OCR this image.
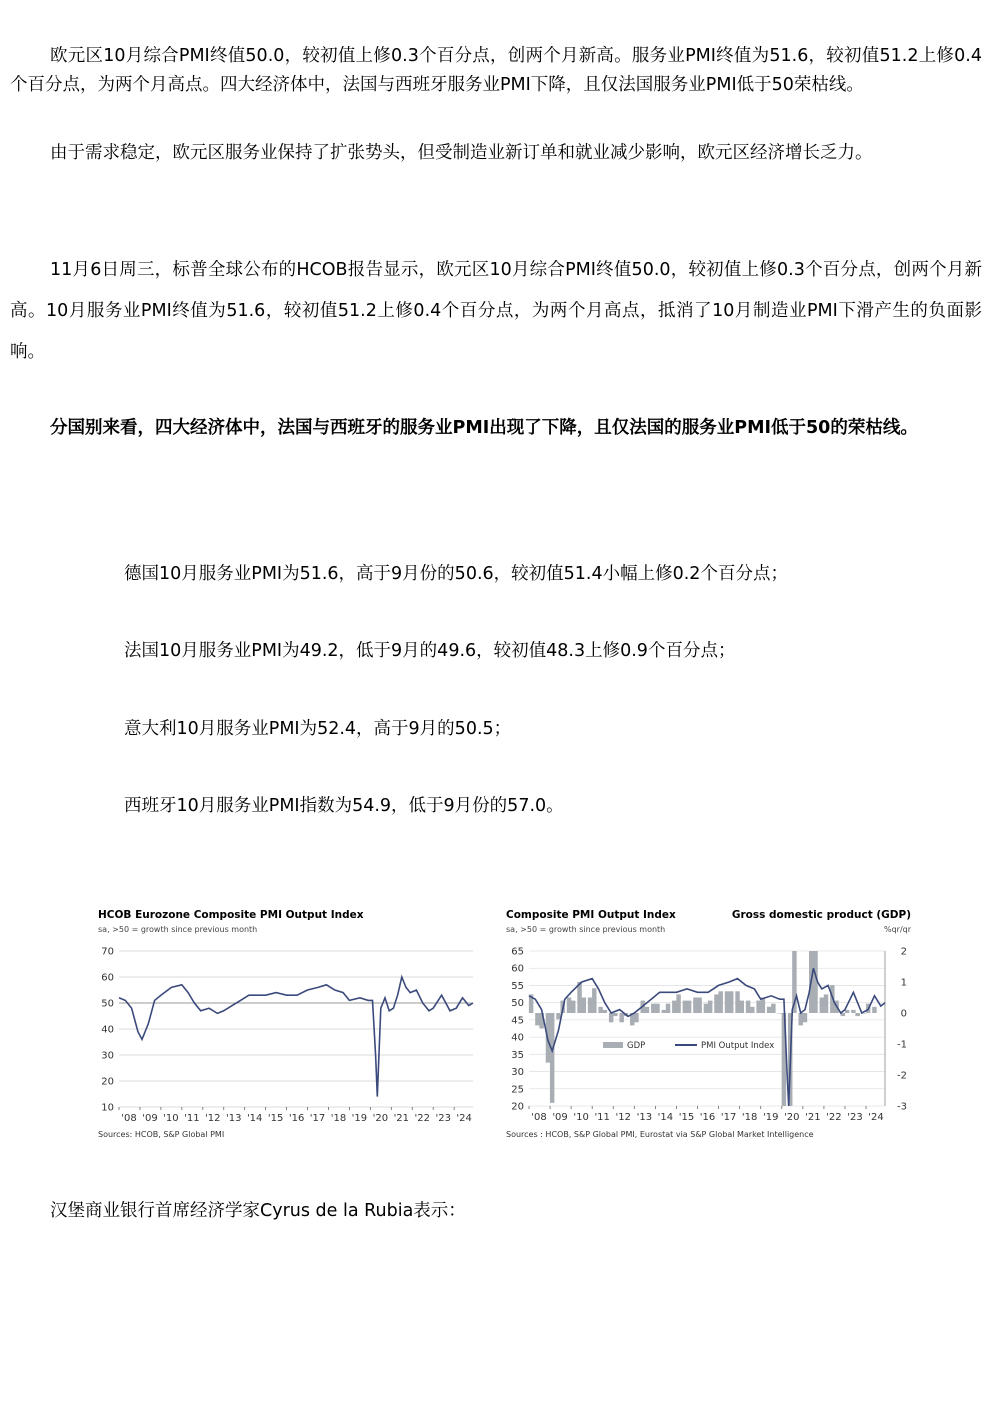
欧元区10月综合PMI终值50.0，较初值上修0.3个百分点，创两个月新高。服务业PMI终值为51.6，较初值51.2上修0.4个百分点，为两个月高点。四大经济体中，法国与西班牙服务业PMI下降，且仅法国服务业PMI低于50荣枯线。

由于需求稳定，欧元区服务业保持了扩张势头，但受制造业新订单和就业减少影响，欧元区经济增长乏力。

11月6日周三，标普全球公布的HCOB报告显示，欧元区10月综合PMI终值50.0，较初值上修0.3个百分点，创两个月新高。10月服务业PMI终值为51.6，较初值51.2上修0.4个百分点，为两个月高点，抵消了10月制造业PMI下滑产生的负面影响。

分国别来看，四大经济体中，法国与西班牙的服务业PMI出现了下降，且仅法国的服务业PMI低于50的荣枯线。

德国10月服务业PMI为51.6，高于9月份的50.6，较初值51.4小幅上修0.2个百分点；

法国10月服务业PMI为49.2，低于9月的49.6，较初值48.3上修0.9个百分点；

意大利10月服务业PMI为52.4，高于9月的50.5；

西班牙10月服务业PMI指数为54.9，低于9月份的57.0。

HCOB Eurozone Composite PMI Output Index
sa, >50 = growth since previous month
10
20
30
40
50
60
70
'08 '09 '10 '11 '12 '13 '14 '15 '16 '17 '18 '19 '20 '21 '22 '23 '24
Sources: HCOB, S&P Global PMI
Composite PMI Output Index	Gross domestic product (GDP)
sa, >50 = growth since previous month	%qr/qr
20
25
30
35
40
45
50
55
60
65
-3
-2
-1
0
1
2
'08 '09 '10 '11 '12 '13 '14 '15 '16 '17 '18 '19 '20 '21 '22 '23 '24
GDP	PMI Output Index
Sources : HCOB, S&P Global PMI, Eurostat via S&P Global Market Intelligence

汉堡商业银行首席经济学家Cyrus de la Rubia表示：
